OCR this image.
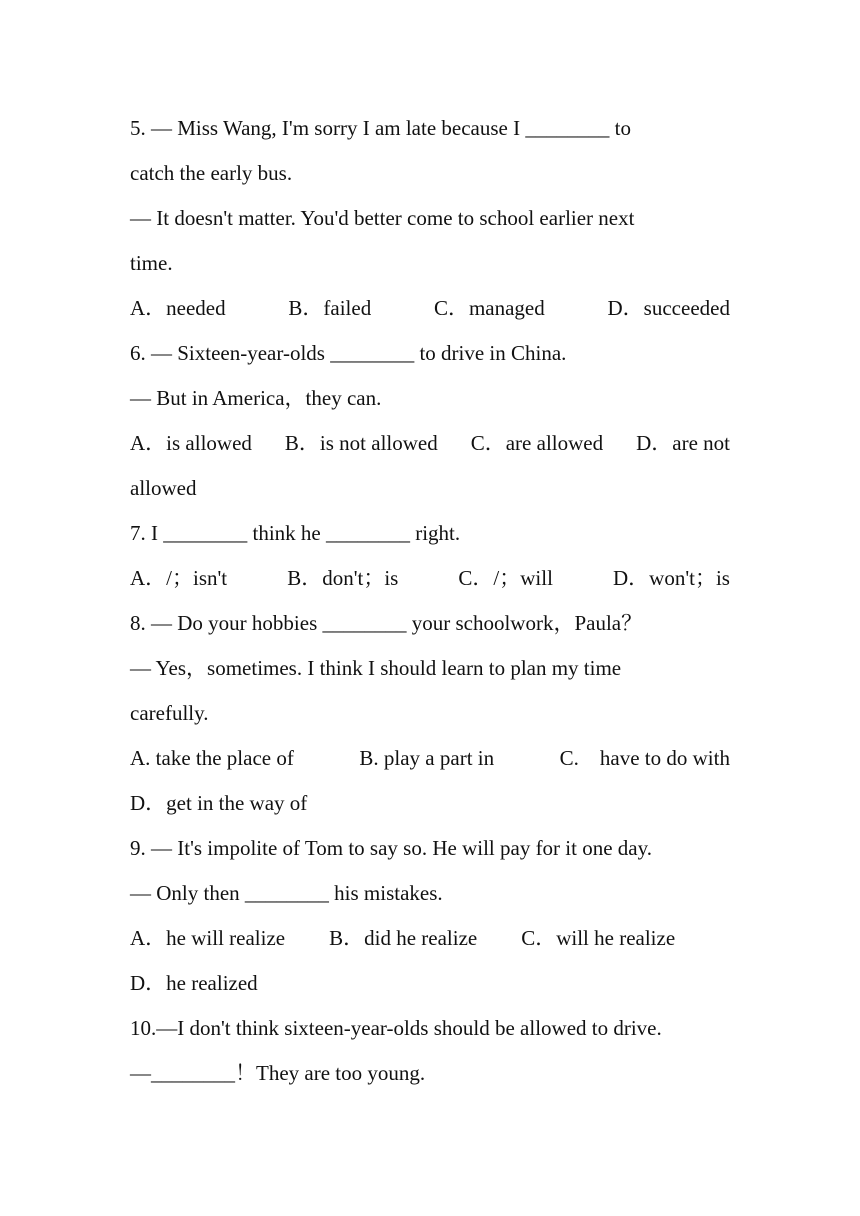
5. — Miss Wang, I'm sorry I am late because I ________ to
catch the early bus.
— It doesn't matter. You'd better come to school earlier next
time.
A．needed	B．failed	C．managed	D．succeeded
6. — Sixteen-year-olds ________ to drive in China.
— But in America，they can.
A．is allowed B．is not allowed C．are allowed D．are not
allowed
7. I ________ think he ________ right.
A．/；isn't	B．don't；is	C．/；will	D．won't；is
8. — Do your hobbies ________ your schoolwork，Paula？
— Yes，sometimes. I think I should learn to plan my time
carefully.
A. take the place of	B. play a part in	C.　have to do with
D．get in the way of
9. — It's impolite of Tom to say so. He will pay for it one day.
— Only then ________ his mistakes.
A．he will realize B．did he realize C．will he realize
D．he realized
10.—I don't think sixteen-year-olds should be allowed to drive.
—________！They are too young.
